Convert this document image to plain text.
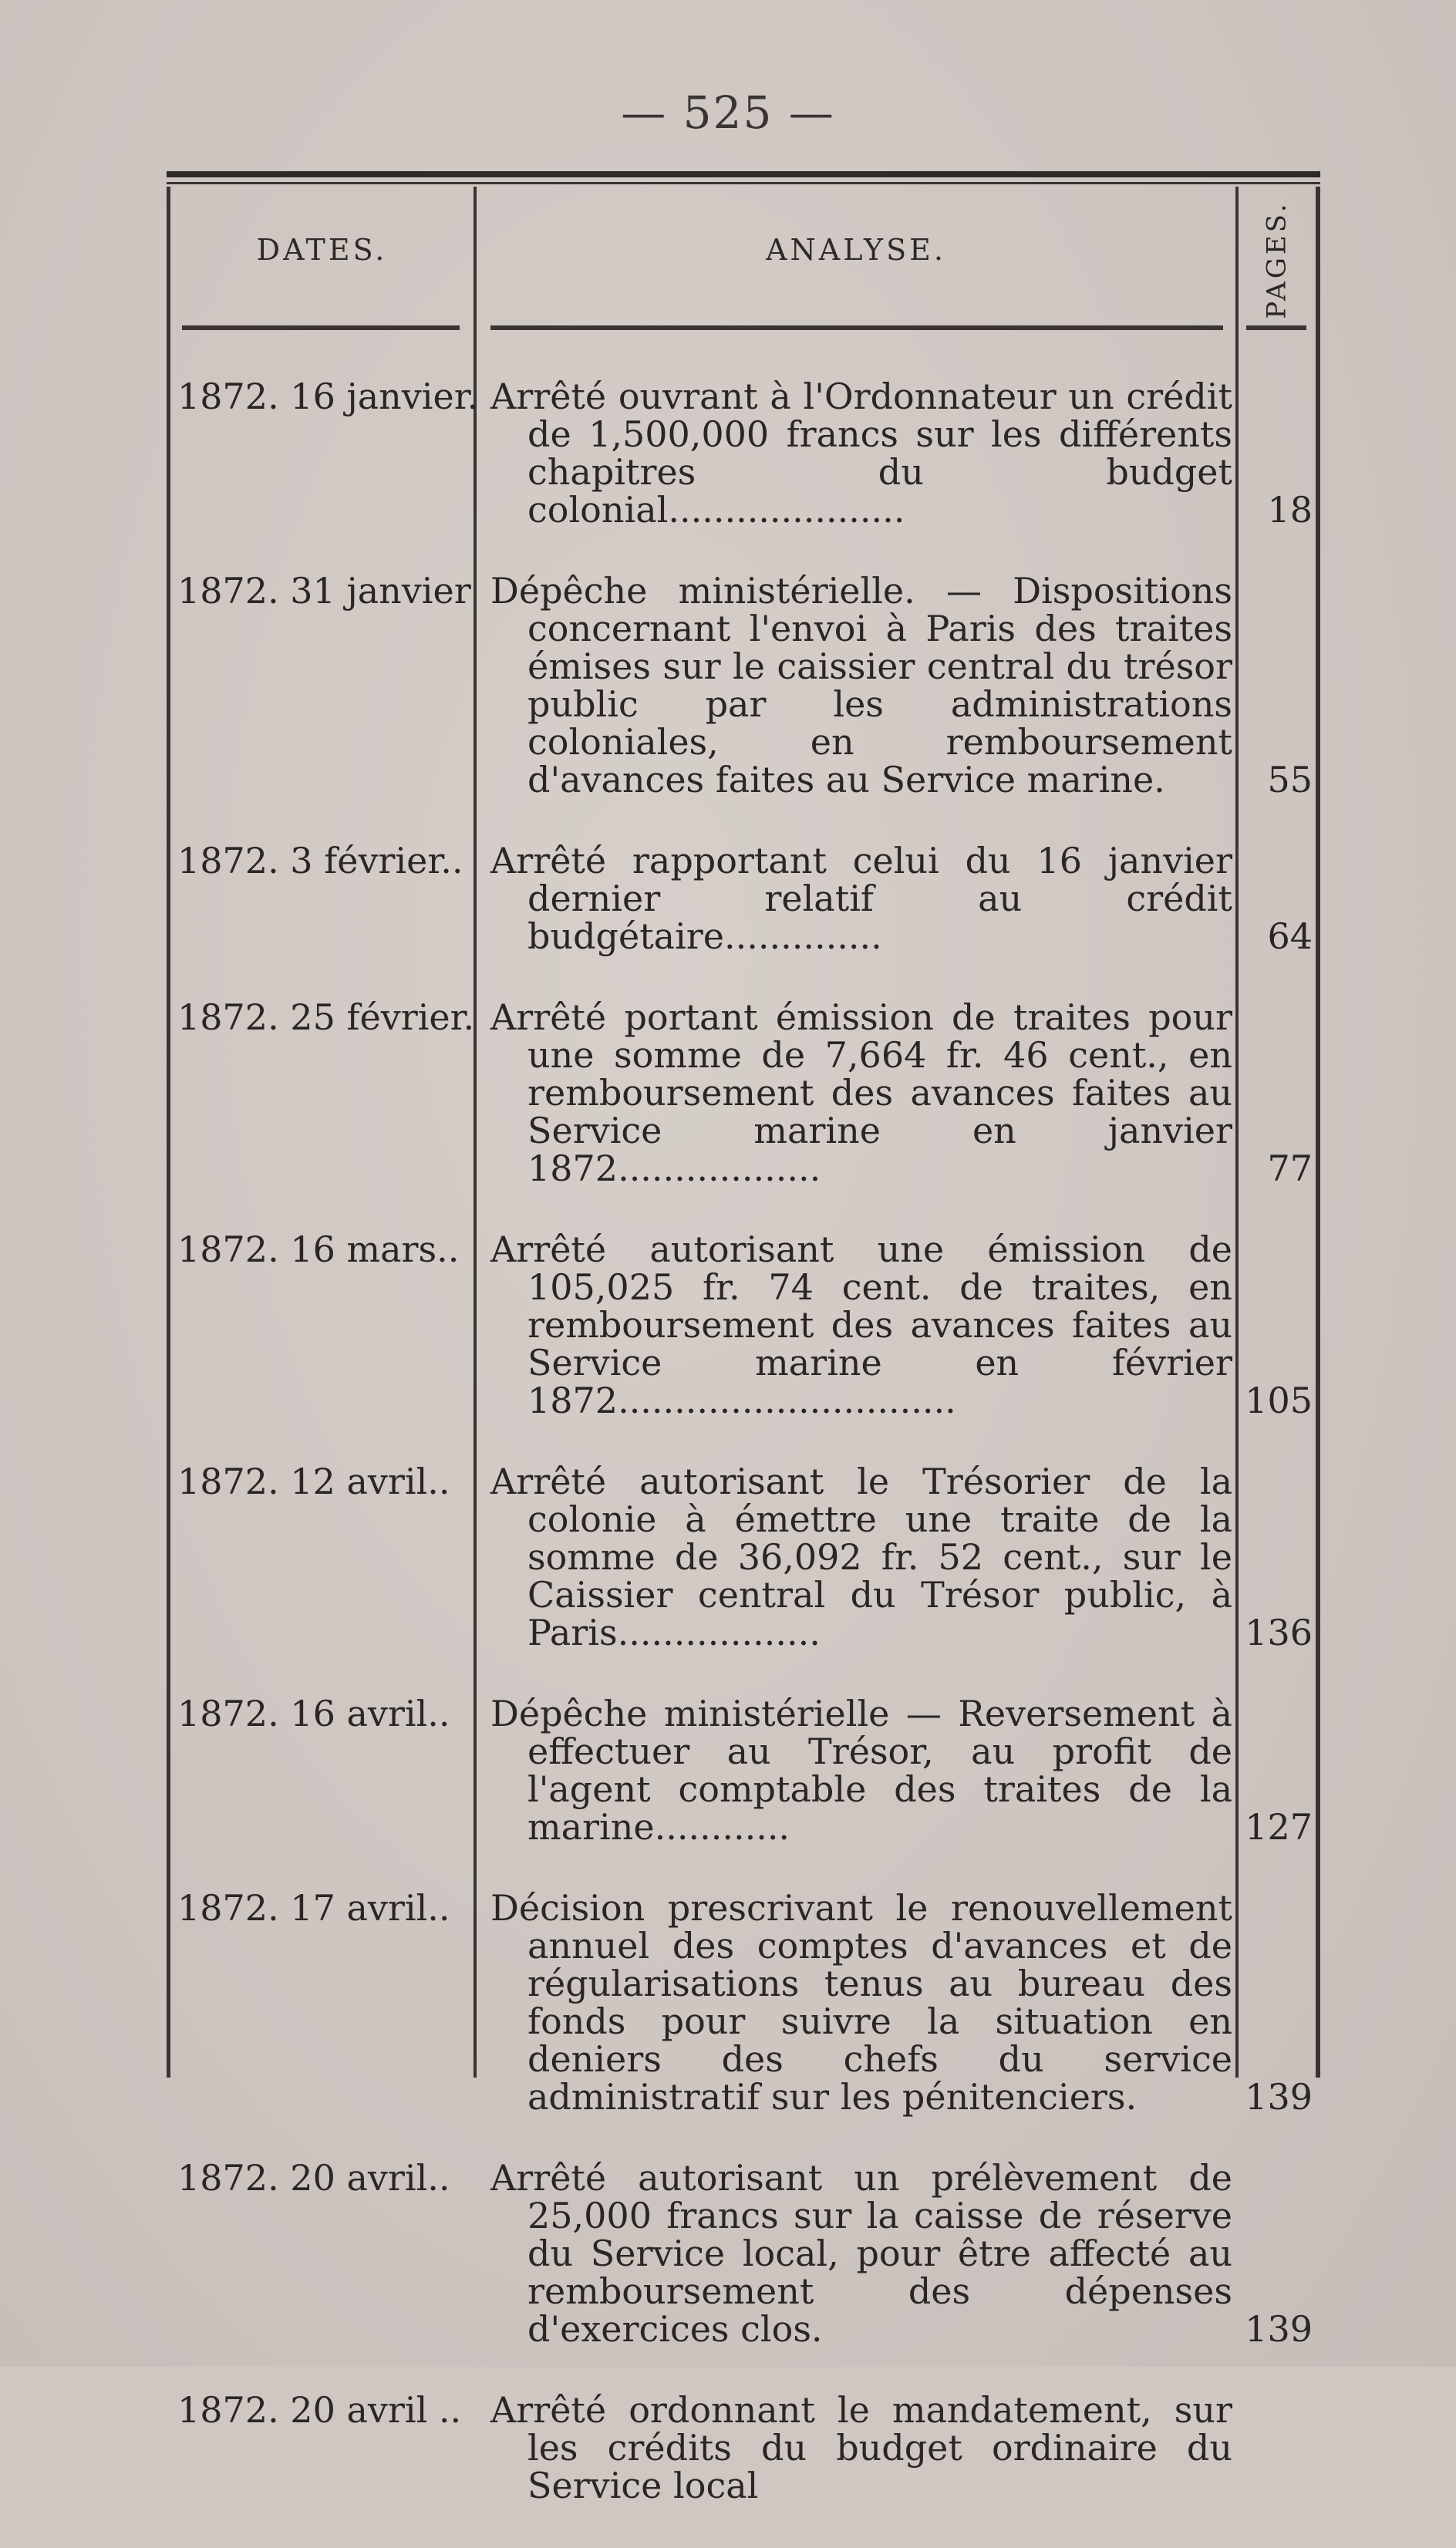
— 525 —
DATES.	ANALYSE.	PAGES.
1872. 16 janvier. Arrêté ouvrant à l'Ordonnateur un crédit de 1,500,000 francs sur les différents chapitres du budget colonial.....................	18
1872. 31 janvier Dépêche ministérielle. — Dispositions concernant l'envoi à Paris des traites émises sur le caissier central du trésor public par les administrations coloniales, en remboursement d'avances faites au Service marine.	55
1872. 3 février.. Arrêté rapportant celui du 16 janvier dernier relatif au crédit budgétaire..............	64
1872. 25 février. Arrêté portant émission de traites pour une somme de 7,664 fr. 46 cent., en remboursement des avances faites au Service marine en janvier 1872..................	77
1872. 16 mars.. Arrêté autorisant une émission de 105,025 fr. 74 cent. de traites, en remboursement des avances faites au Service marine en février 1872..............................	105
1872. 12 avril..	Arrêté autorisant le Trésorier de la colonie à émettre une traite de la somme de 36,092 fr. 52 cent., sur le Caissier central du Trésor public, à Paris..................	136
1872. 16 avril..	Dépêche ministérielle — Reversement à effectuer au Trésor, au profit de l'agent comptable des traites de la marine............	127
1872. 17 avril..	Décision prescrivant le renouvellement annuel des comptes d'avances et de régularisations tenus au bureau des fonds pour suivre la situation en deniers des chefs du service administratif sur les pénitenciers.	139
1872. 20 avril..	Arrêté autorisant un prélèvement de 25,000 francs sur la caisse de réserve du Service local, pour être affecté au remboursement des dépenses d'exercices clos.	139
1872. 20 avril .. Arrêté ordonnant le mandatement, sur les crédits du budget ordinaire du Service local
